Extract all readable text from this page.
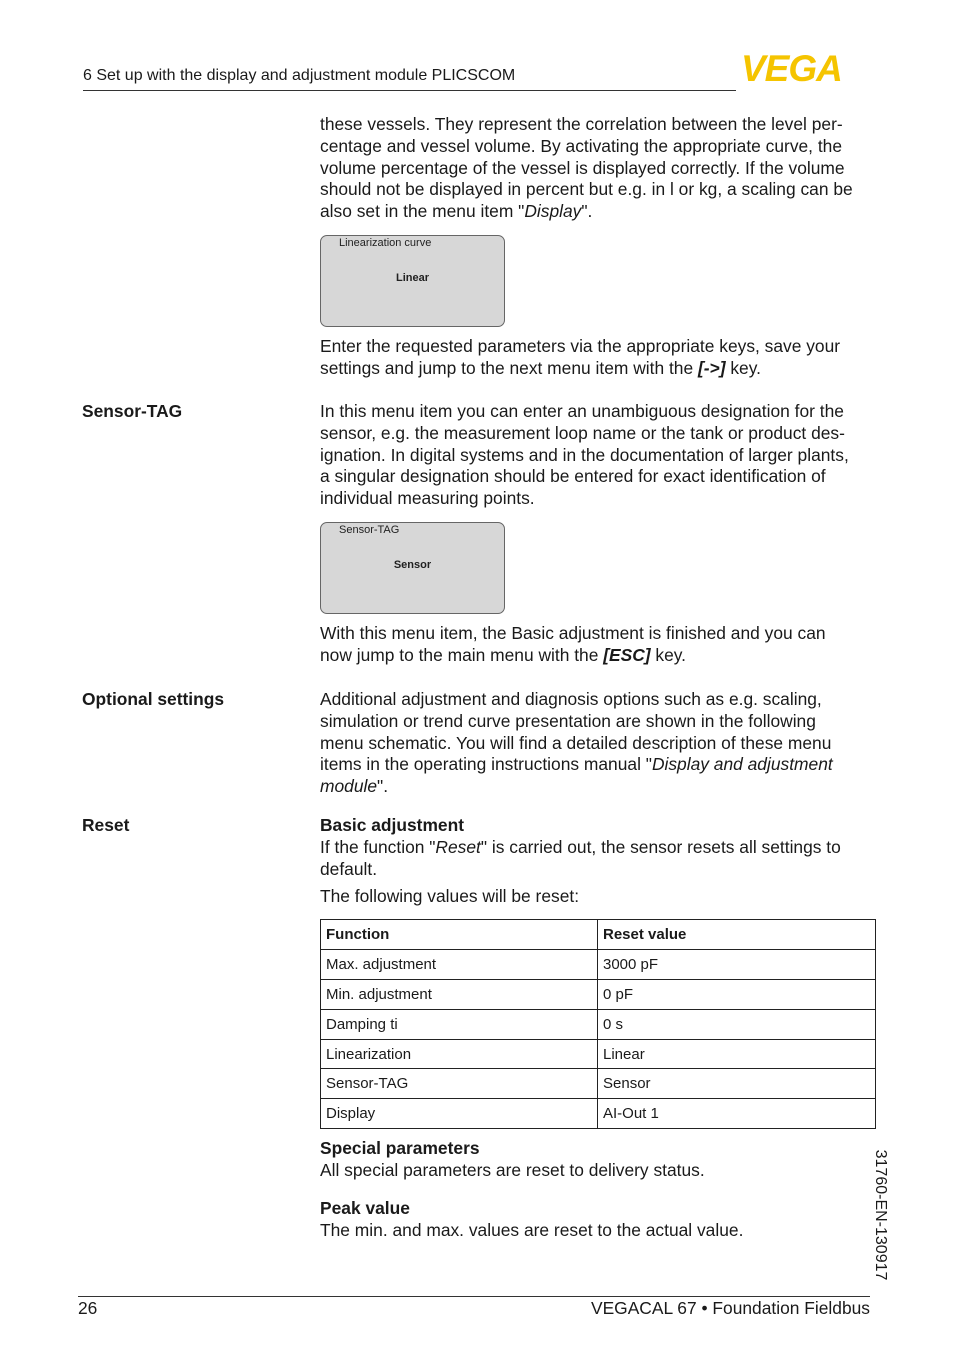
6 Set up with the display and adjustment module PLICSCOM	VEGA
these vessels. They represent the correlation between the level per-
centage and vessel volume. By activating the appropriate curve, the
volume percentage of the vessel is displayed correctly. If the volume
should not be displayed in percent but e.g. in l or kg, a scaling can be
also set in the menu item "Display".
Linearization curve
Linear
Enter the requested parameters via the appropriate keys, save your
settings and jump to the next menu item with the [->] key.
Sensor-TAG	In this menu item you can enter an unambiguous designation for the
sensor, e.g. the measurement loop name or the tank or product des-
ignation. In digital systems and in the documentation of larger plants,
a singular designation should be entered for exact identification of
individual measuring points.
Sensor-TAG
Sensor
With this menu item, the Basic adjustment is finished and you can
now jump to the main menu with the [ESC] key.
Optional settings	Additional adjustment and diagnosis options such as e.g. scaling,
simulation or trend curve presentation are shown in the following
menu schematic. You will find a detailed description of these menu
items in the operating instructions manual "Display and adjustment
module".
Reset	Basic adjustment
If the function "Reset" is carried out, the sensor resets all settings to
default.
The following values will be reset:
Function	Reset value
Max. adjustment	3000 pF
Min. adjustment	0 pF
Damping ti	0 s
Linearization	Linear
Sensor-TAG	Sensor
Display	AI-Out 1
Special parameters
All special parameters are reset to delivery status.
Peak value
The min. and max. values are reset to the actual value.	31760-EN-130917
26	VEGACAL 67 • Foundation Fieldbus
